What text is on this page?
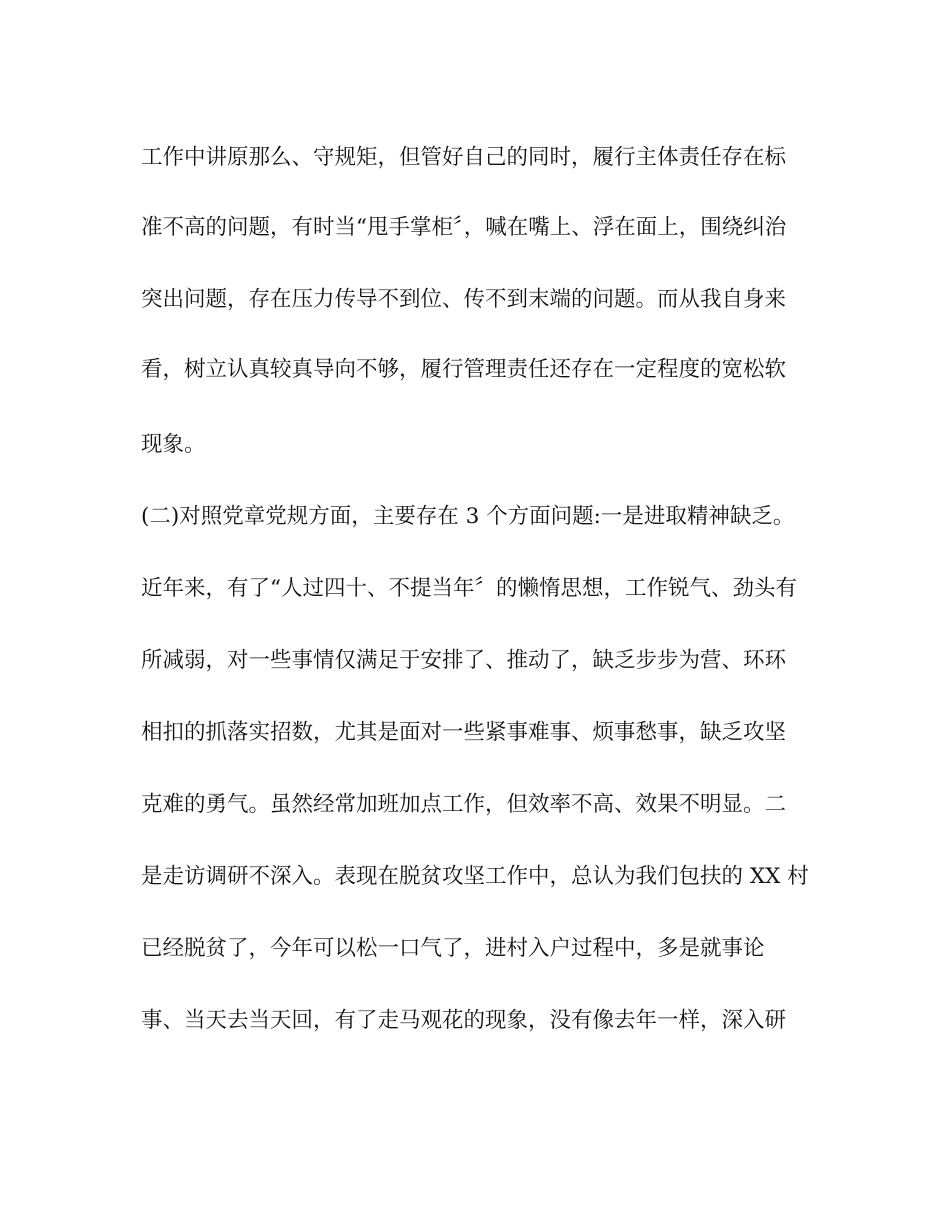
工作中讲原那么、守规矩，但管好自己的同时，履行主体责任存在标
准不高的问题，有时当“甩手掌柜〞，喊在嘴上、浮在面上，围绕纠治
突出问题，存在压力传导不到位、传不到末端的问题。而从我自身来
看，树立认真较真导向不够，履行管理责任还存在一定程度的宽松软
现象。
(二)对照党章党规方面，主要存在 3 个方面问题:一是进取精神缺乏。
近年来，有了“人过四十、不提当年〞的懒惰思想，工作锐气、劲头有
所减弱，对一些事情仅满足于安排了、推动了，缺乏步步为营、环环
相扣的抓落实招数，尤其是面对一些紧事难事、烦事愁事，缺乏攻坚
克难的勇气。虽然经常加班加点工作，但效率不高、效果不明显。二
是走访调研不深入。表现在脱贫攻坚工作中，总认为我们包扶的 XX 村
已经脱贫了，今年可以松一口气了，进村入户过程中，多是就事论
事、当天去当天回，有了走马观花的现象，没有像去年一样，深入研
